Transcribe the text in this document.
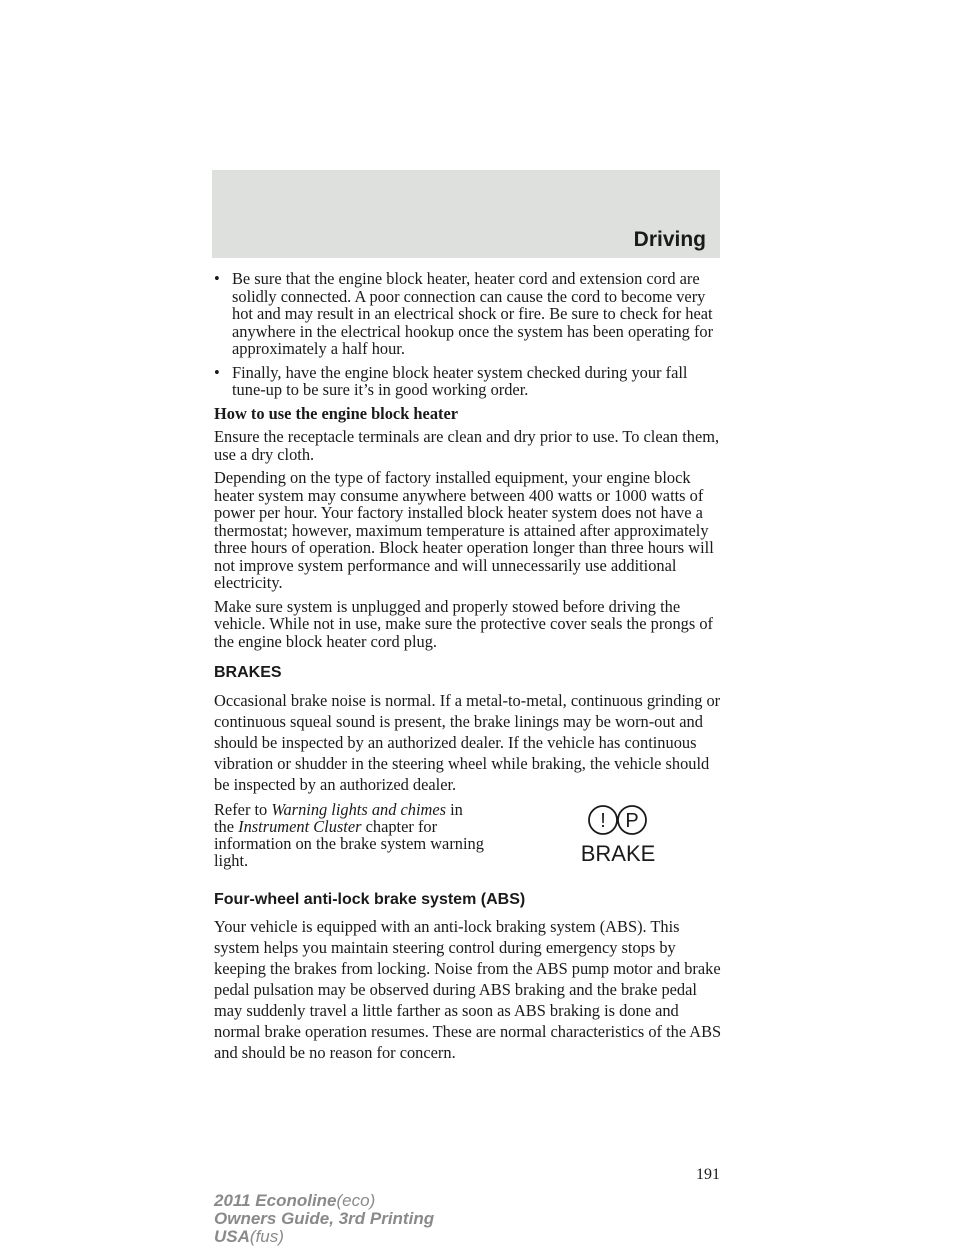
Driving
• Be sure that the engine block heater, heater cord and extension cord are solidly connected. A poor connection can cause the cord to become very hot and may result in an electrical shock or fire. Be sure to check for heat anywhere in the electrical hookup once the system has been operating for approximately a half hour.
• Finally, have the engine block heater system checked during your fall tune-up to be sure it’s in good working order.

How to use the engine block heater

Ensure the receptacle terminals are clean and dry prior to use. To clean them, use a dry cloth.

Depending on the type of factory installed equipment, your engine block heater system may consume anywhere between 400 watts or 1000 watts of power per hour. Your factory installed block heater system does not have a thermostat; however, maximum temperature is attained after approximately three hours of operation. Block heater operation longer than three hours will not improve system performance and will unnecessarily use additional electricity.

Make sure system is unplugged and properly stowed before driving the vehicle. While not in use, make sure the protective cover seals the prongs of the engine block heater cord plug.

BRAKES

Occasional brake noise is normal. If a metal-to-metal, continuous grinding or continuous squeal sound is present, the brake linings may be worn-out and should be inspected by an authorized dealer. If the vehicle has continuous vibration or shudder in the steering wheel while braking, the vehicle should be inspected by an authorized dealer.

Refer to Warning lights and chimes in the Instrument Cluster chapter for information on the brake system warning light.
! P
BRAKE
Four-wheel anti-lock brake system (ABS)

Your vehicle is equipped with an anti-lock braking system (ABS). This system helps you maintain steering control during emergency stops by keeping the brakes from locking. Noise from the ABS pump motor and brake pedal pulsation may be observed during ABS braking and the brake pedal may suddenly travel a little farther as soon as ABS braking is done and normal brake operation resumes. These are normal characteristics of the ABS and should be no reason for concern.

191
2011 Econoline(eco)
Owners Guide, 3rd Printing
USA(fus)
